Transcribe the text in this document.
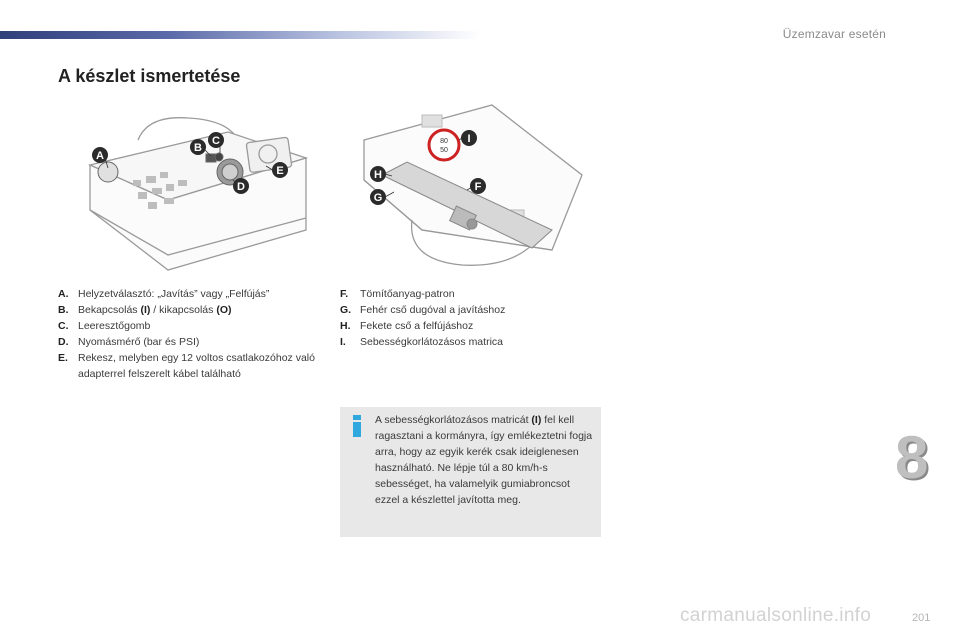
Üzemzavar esetén
A készlet ismertetése
A
B
C
D
E
80
50
I
H
F
G
A. Helyzetválasztó: „Javítás” vagy „Felfújás”
B. Bekapcsolás (I) / kikapcsolás (O)
C. Leeresztőgomb
D. Nyomásmérő (bar és PSI)
E. Rekesz, melyben egy 12 voltos csatlakozóhoz való adapterrel felszerelt kábel található
F. Tömítőanyag-patron
G. Fehér cső dugóval a javításhoz
H. Fekete cső a felfújáshoz
I. Sebességkorlátozásos matrica

A sebességkorlátozásos matricát (I) fel kell ragasztani a kormányra, így emlékeztetni fogja arra, hogy az egyik kerék csak ideiglenesen használható. Ne lépje túl a 80 km/h-s sebességet, ha valamelyik gumiabroncsot ezzel a készlettel javította meg.

8
201
carmanualsonline.info
